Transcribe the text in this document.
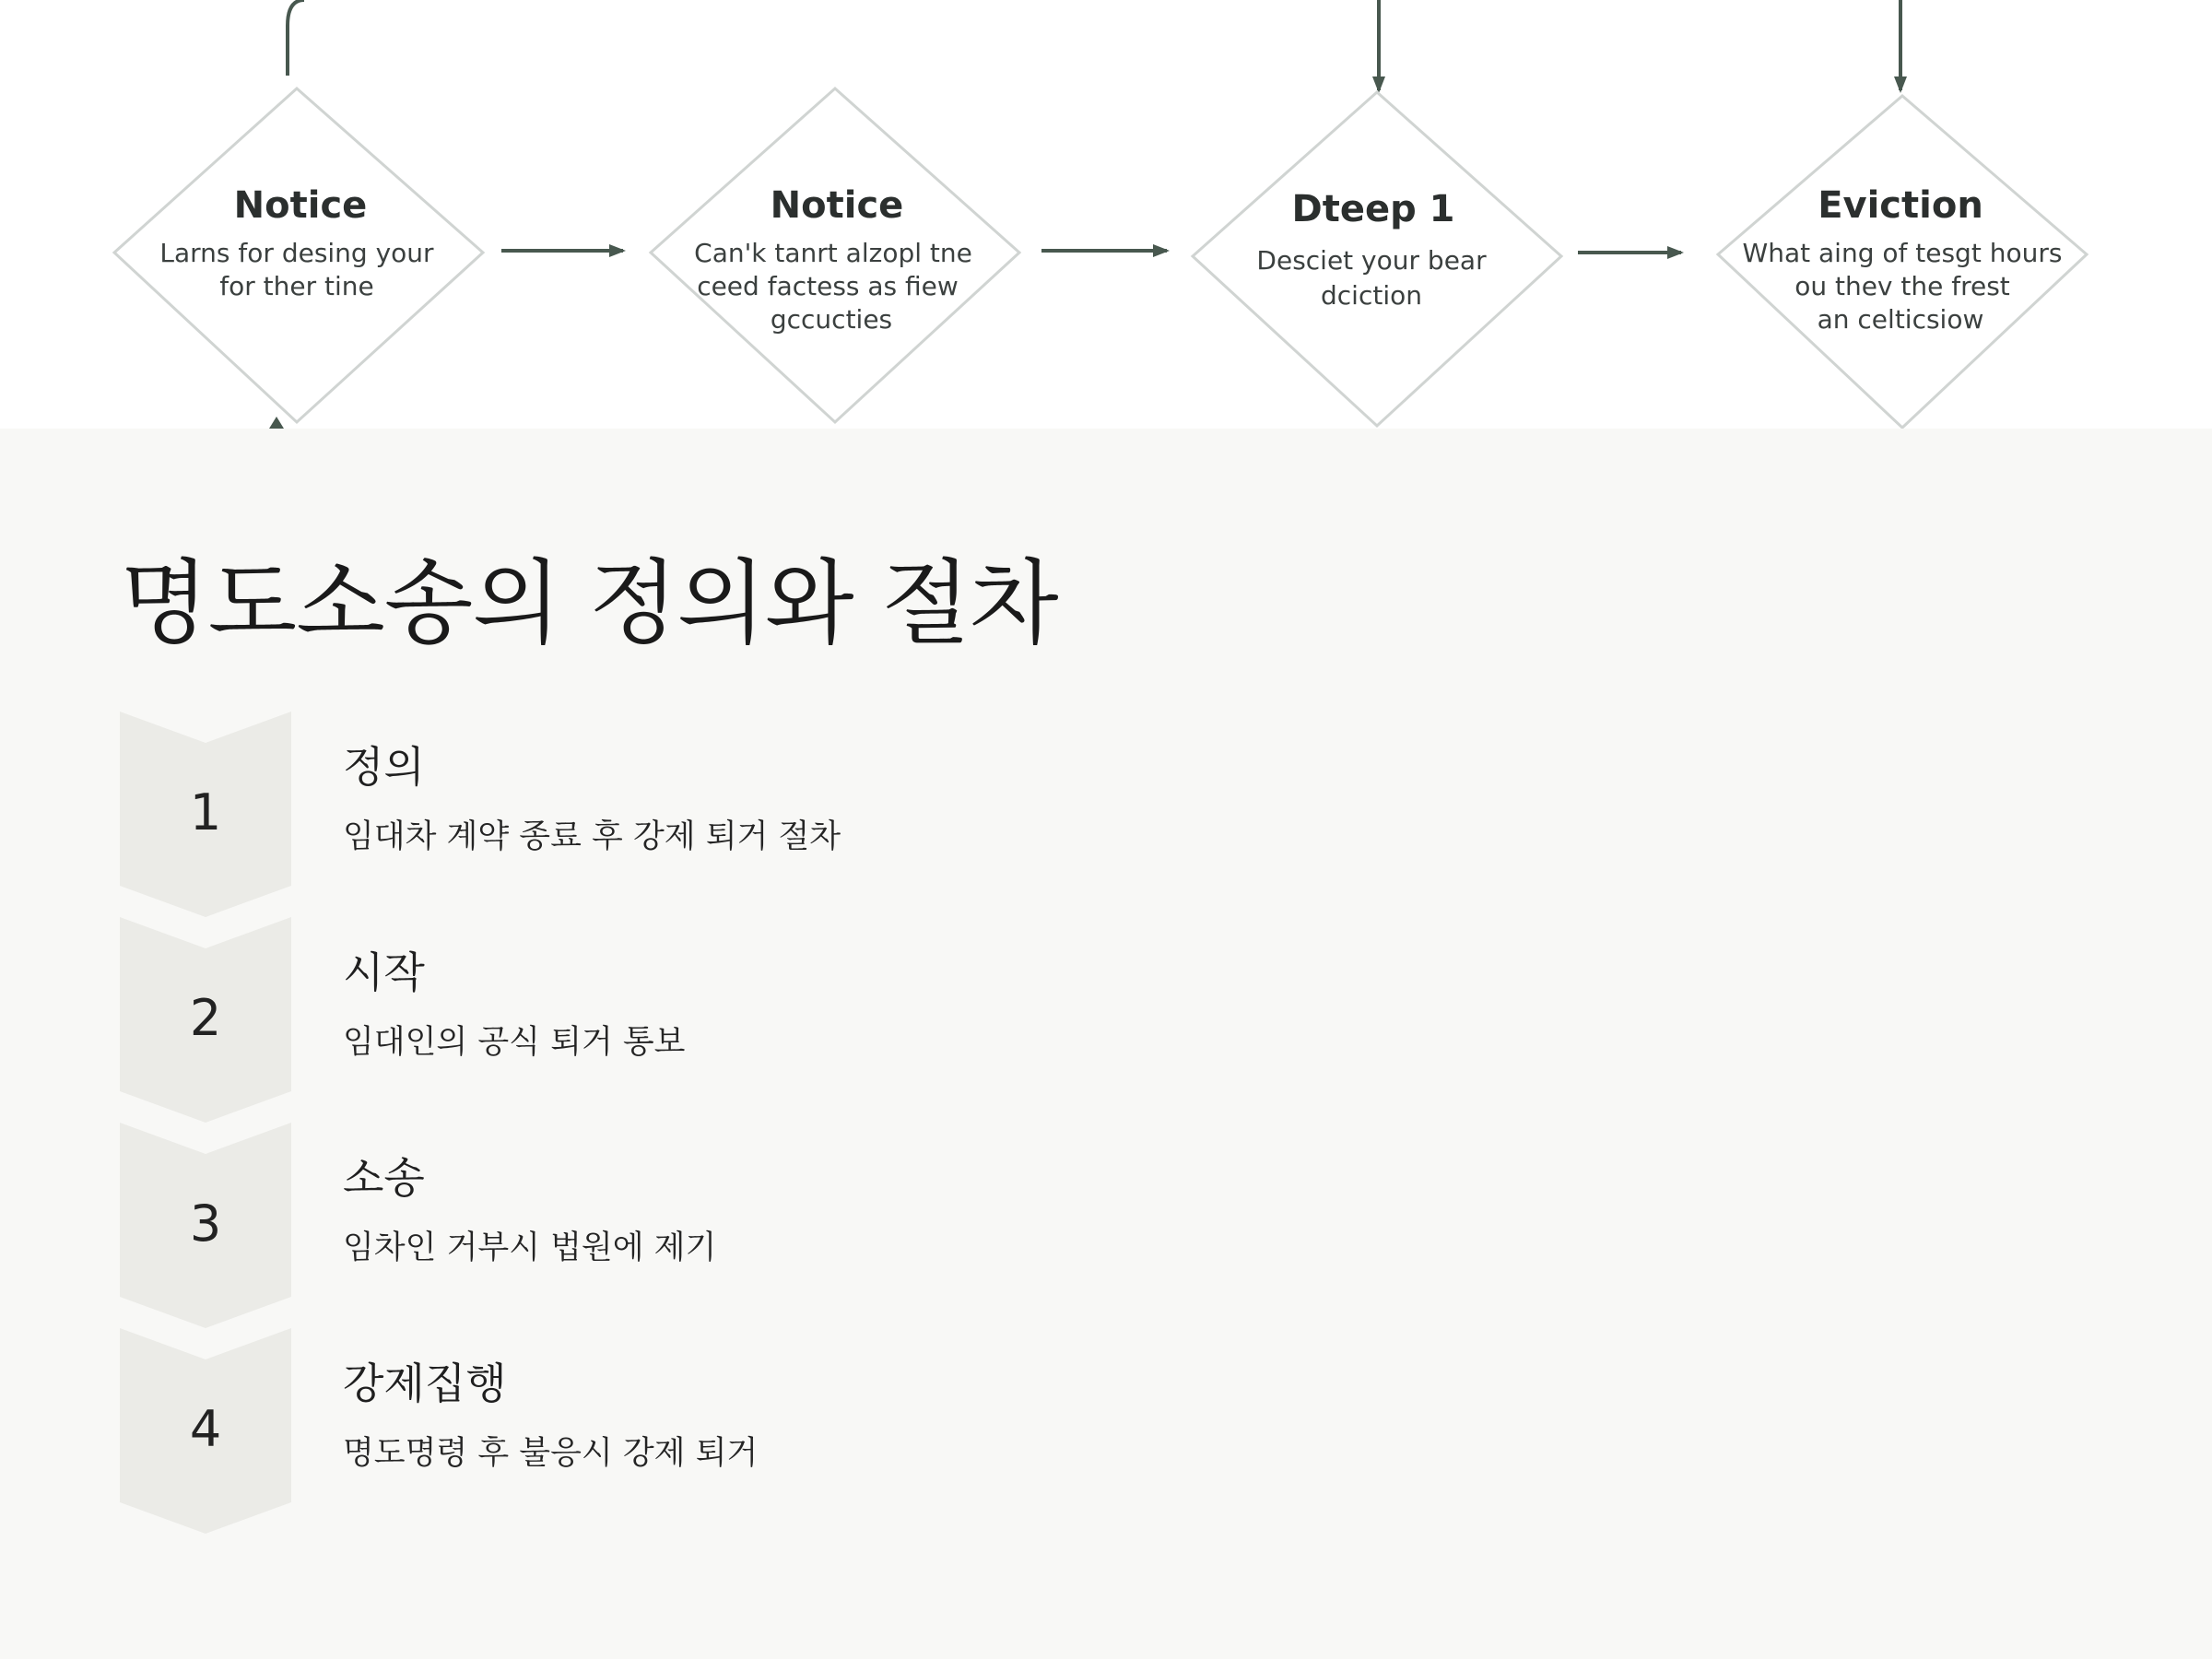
Notice
Larns for desing your
for ther tine
Notice
Can'k tanrt alzopl tne
ceed factess as fiew
gccucties
Dteep 1
Desciet your bear
dciction
Eviction
What aing of tesgt hours
ou thev the frest
an celticsiow
명도소송의 정의와 절차
1
정의
임대차 계약 종료 후 강제 퇴거 절차
2
시작
임대인의 공식 퇴거 통보
3
소송
임차인 거부시 법원에 제기
4
강제집행
명도명령 후 불응시 강제 퇴거
